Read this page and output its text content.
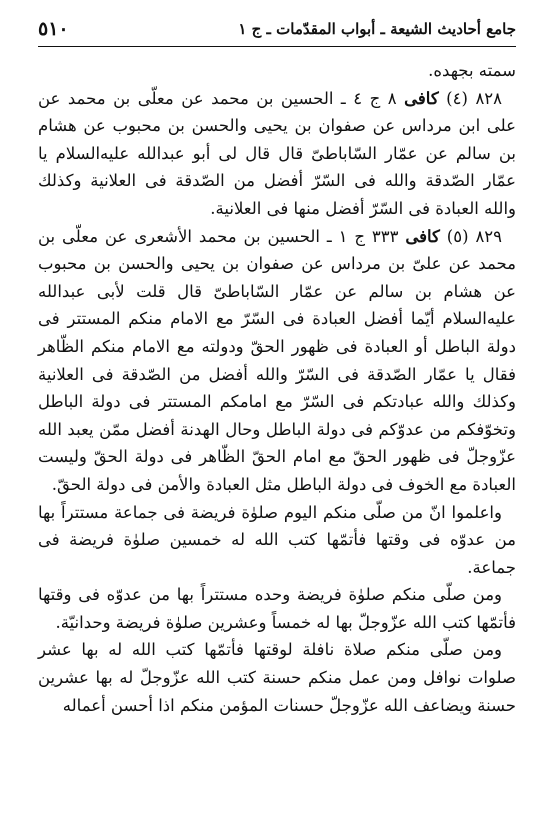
جامع أحاديث الشيعة ـ أبواب المقدّمات ـ ج ١
٥١٠

سمته بجهده.

٨٢٨ (٤) كافى ٨ ج ٤ ـ الحسين بن محمد عن معلّى بن محمد عن علی ابن مرداس عن صفوان بن يحيى والحسن بن محبوب عن هشام بن سالم عن عمّار السّاباطىّ قال قال لی أبو عبدالله عليه‌السلام يا عمّار الصّدقة والله فی السّرّ أفضل من الصّدقة فی العلانية وكذلك والله العبادة فی السّرّ أفضل منها فی العلانية.

٨٢٩ (٥) كافى ٣٣٣ ج ١ ـ الحسين بن محمد الأشعرى عن معلّى بن محمد عن علىّ بن مرداس عن صفوان بن يحيى والحسن بن محبوب عن هشام بن سالم عن عمّار السّاباطىّ قال قلت لأبی عبدالله عليه‌السلام أيّما أفضل العبادة فی السّرّ مع الامام منكم المستتر فی دولة الباطل أو العبادة فی ظهور الحقّ ودولته مع الامام منكم الظّاهر فقال يا عمّار الصّدقة فی السّرّ والله أفضل من الصّدقة فی العلانية وكذلك والله عبادتكم فی السّرّ مع امامكم المستتر فی دولة الباطل وتخوّفكم من عدوّكم فی دولة الباطل وحال الهدنة أفضل ممّن يعبد الله عزّوجلّ فی ظهور الحقّ مع امام الحقّ الظّاهر فی دولة الحقّ وليست العبادة مع الخوف فی دولة الباطل مثل العبادة والأمن فی دولة الحقّ.

واعلموا انّ من صلّى منكم اليوم صلوٰة فريضة فی جماعة مستتراً بها من عدوّه فی وقتها فأتمّها كتب الله له خمسين صلوٰة فريضة فی جماعة.

ومن صلّى منكم صلوٰة فريضة وحده مستتراً بها من عدوّه فی وقتها فأتمّها كتب الله عزّوجلّ بها له خمساً وعشرين صلوٰة فريضة وحدانيّة.

ومن صلّى منكم صلاة نافلة لوقتها فأتمّها كتب الله له بها عشر صلوات نوافل ومن عمل منكم حسنة كتب الله عزّوجلّ له بها عشرين حسنة ويضاعف الله عزّوجلّ حسنات المؤمن منكم اذا أحسن أعماله
